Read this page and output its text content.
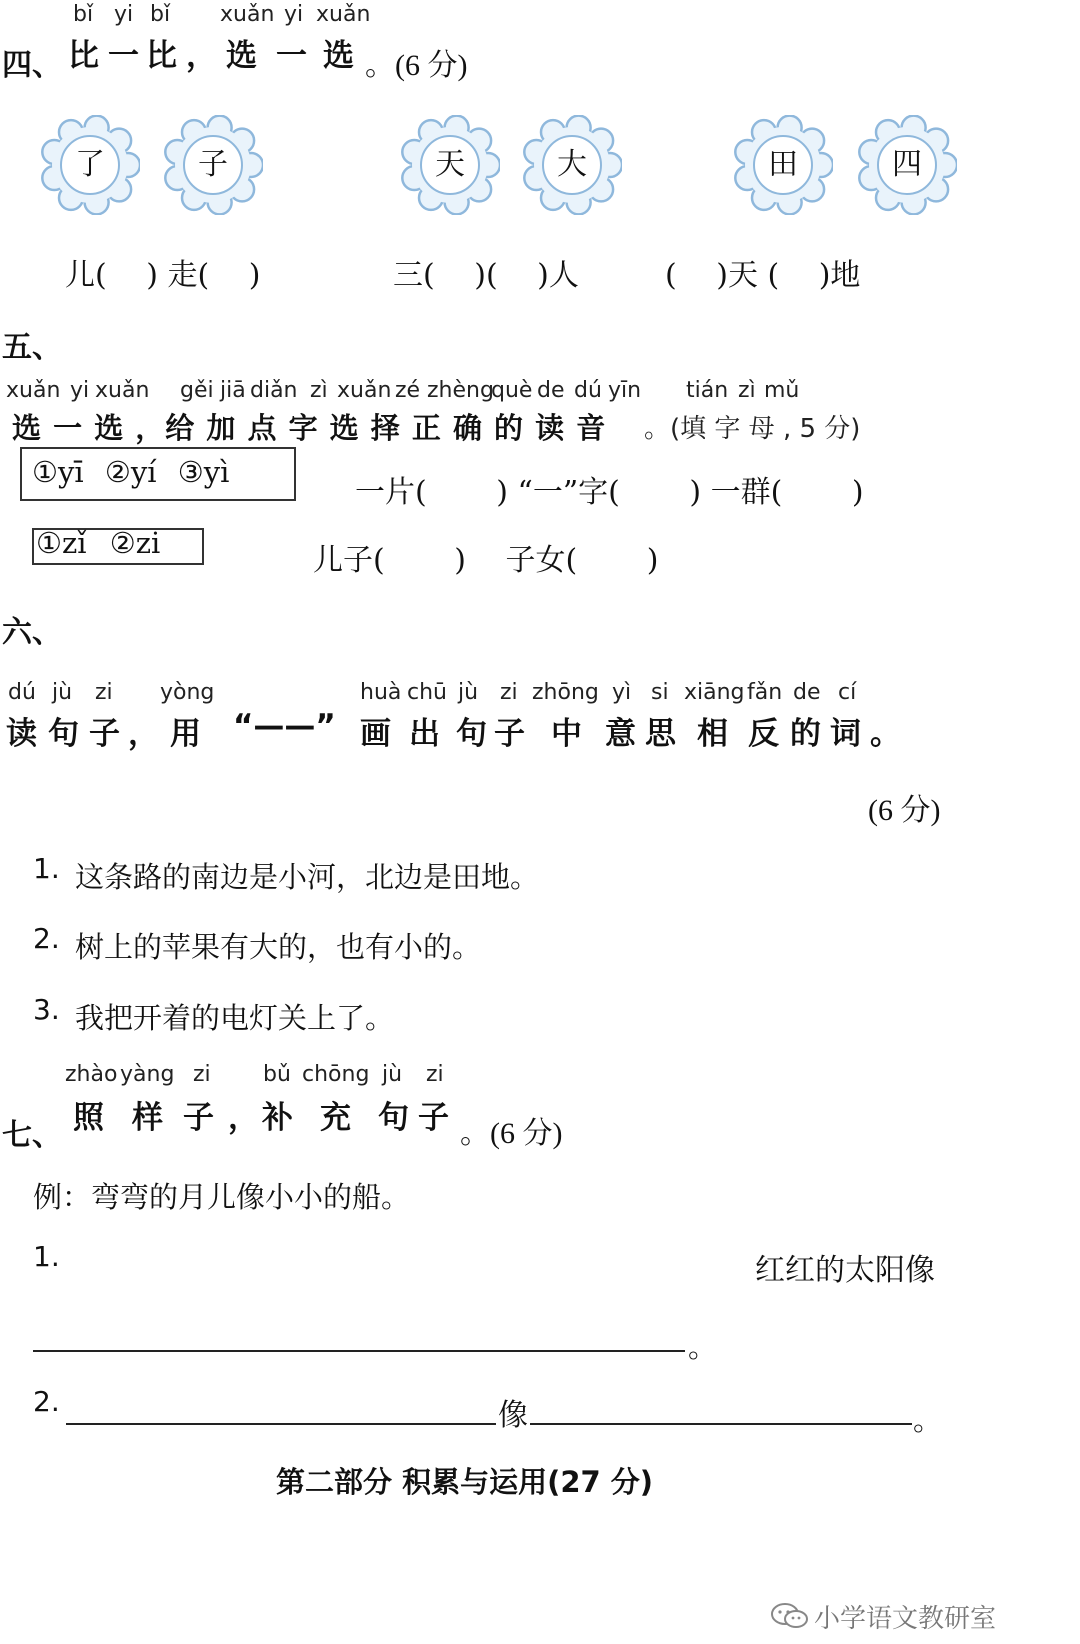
四、
bǐ yi bǐ xuǎn yi xuǎn
比 一 比 ， 选 一 选 。(6 分)
了	子	天	大	田	四
儿(　 ) 走(　 )	三(　 )(　 )人	(　 )天 (　 )地
五、
xuǎn yi xuǎn gěi jiā diǎn zì xuǎn zé zhèng
què de dú yīn tián zì mǔ
选 一 选 ，给 加 点 字 选 择 正 确 的 读 音 。(填 字 母 , 5 分)
①yī ②yí ③yì
一片(　　 ) “一”字(　　 ) 一群(　　 )
①zǐ ②zi	儿子(　　 )　 子女(　　 )
六、
dú jù zi yòng	huà chū jù zi zhōng yì si xiāng fǎn de cí
读 句 子 ， 用 “——” 画 出 句 子 中 意 思 相 反 的 词 。
(6 分)
1. 这条路的南边是小河，北边是田地。
2. 树上的苹果有大的，也有小的。
3. 我把开着的电灯关上了。
七、
zhào yàng zi bǔ chōng jù zi
照 样 子 ， 补 充 句 子 。(6 分)
例：弯弯的月儿像小小的船。
1.	红红的太阳像
。
2.	像	。
第二部分 积累与运用(27 分)
小学语文教研室
